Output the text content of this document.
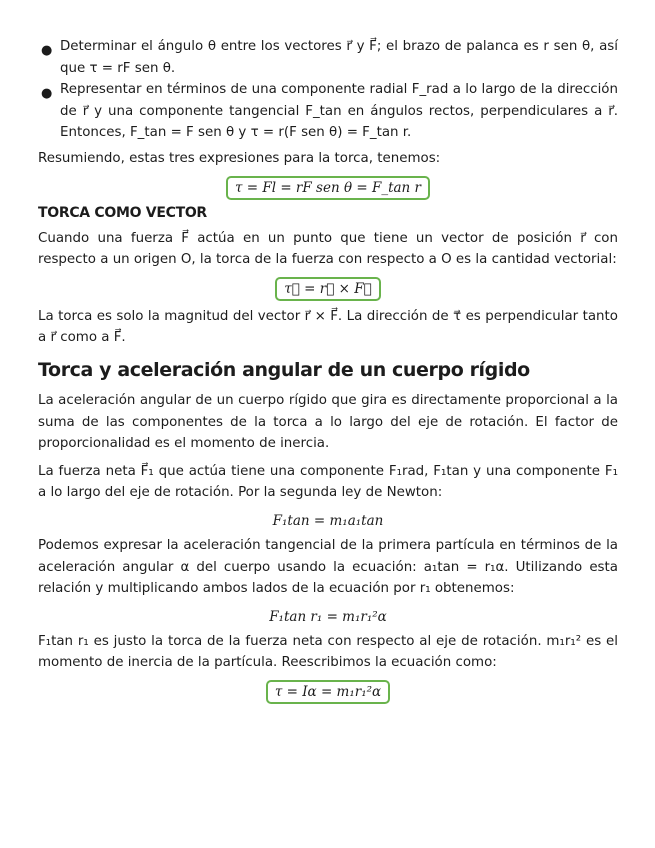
● Determinar el ángulo θ entre los vectores r⃗ y F⃗; el brazo de palanca es r sen θ, así que τ = rF sen θ.
● Representar en términos de una componente radial F_rad a lo largo de la dirección de r⃗ y una componente tangencial F_tan en ángulos rectos, perpendiculares a r⃗. Entonces, F_tan = F sen θ y τ = r(F sen θ) = F_tan r.

Resumiendo, estas tres expresiones para la torca, tenemos:

τ = Fl = rF sen θ = F_tan r
TORCA COMO VECTOR

Cuando una fuerza F⃗ actúa en un punto que tiene un vector de posición r⃗ con respecto a un origen O, la torca de la fuerza con respecto a O es la cantidad vectorial:

τ⃗ = r⃗ × F⃗

La torca es solo la magnitud del vector r⃗ × F⃗. La dirección de τ⃗ es perpendicular tanto a r⃗ como a F⃗.

Torca y aceleración angular de un cuerpo rígido

La aceleración angular de un cuerpo rígido que gira es directamente proporcional a la suma de las componentes de la torca a lo largo del eje de rotación. El factor de proporcionalidad es el momento de inercia.

La fuerza neta F⃗₁ que actúa tiene una componente F₁rad, F₁tan y una componente F₁ a lo largo del eje de rotación. Por la segunda ley de Newton:

F₁tan = m₁a₁tan

Podemos expresar la aceleración tangencial de la primera partícula en términos de la aceleración angular α del cuerpo usando la ecuación: a₁tan = r₁α. Utilizando esta relación y multiplicando ambos lados de la ecuación por r₁ obtenemos:

F₁tan r₁ = m₁r₁²α

F₁tan r₁ es justo la torca de la fuerza neta con respecto al eje de rotación. m₁r₁² es el momento de inercia de la partícula. Reescribimos la ecuación como:

τ = Iα = m₁r₁²α
